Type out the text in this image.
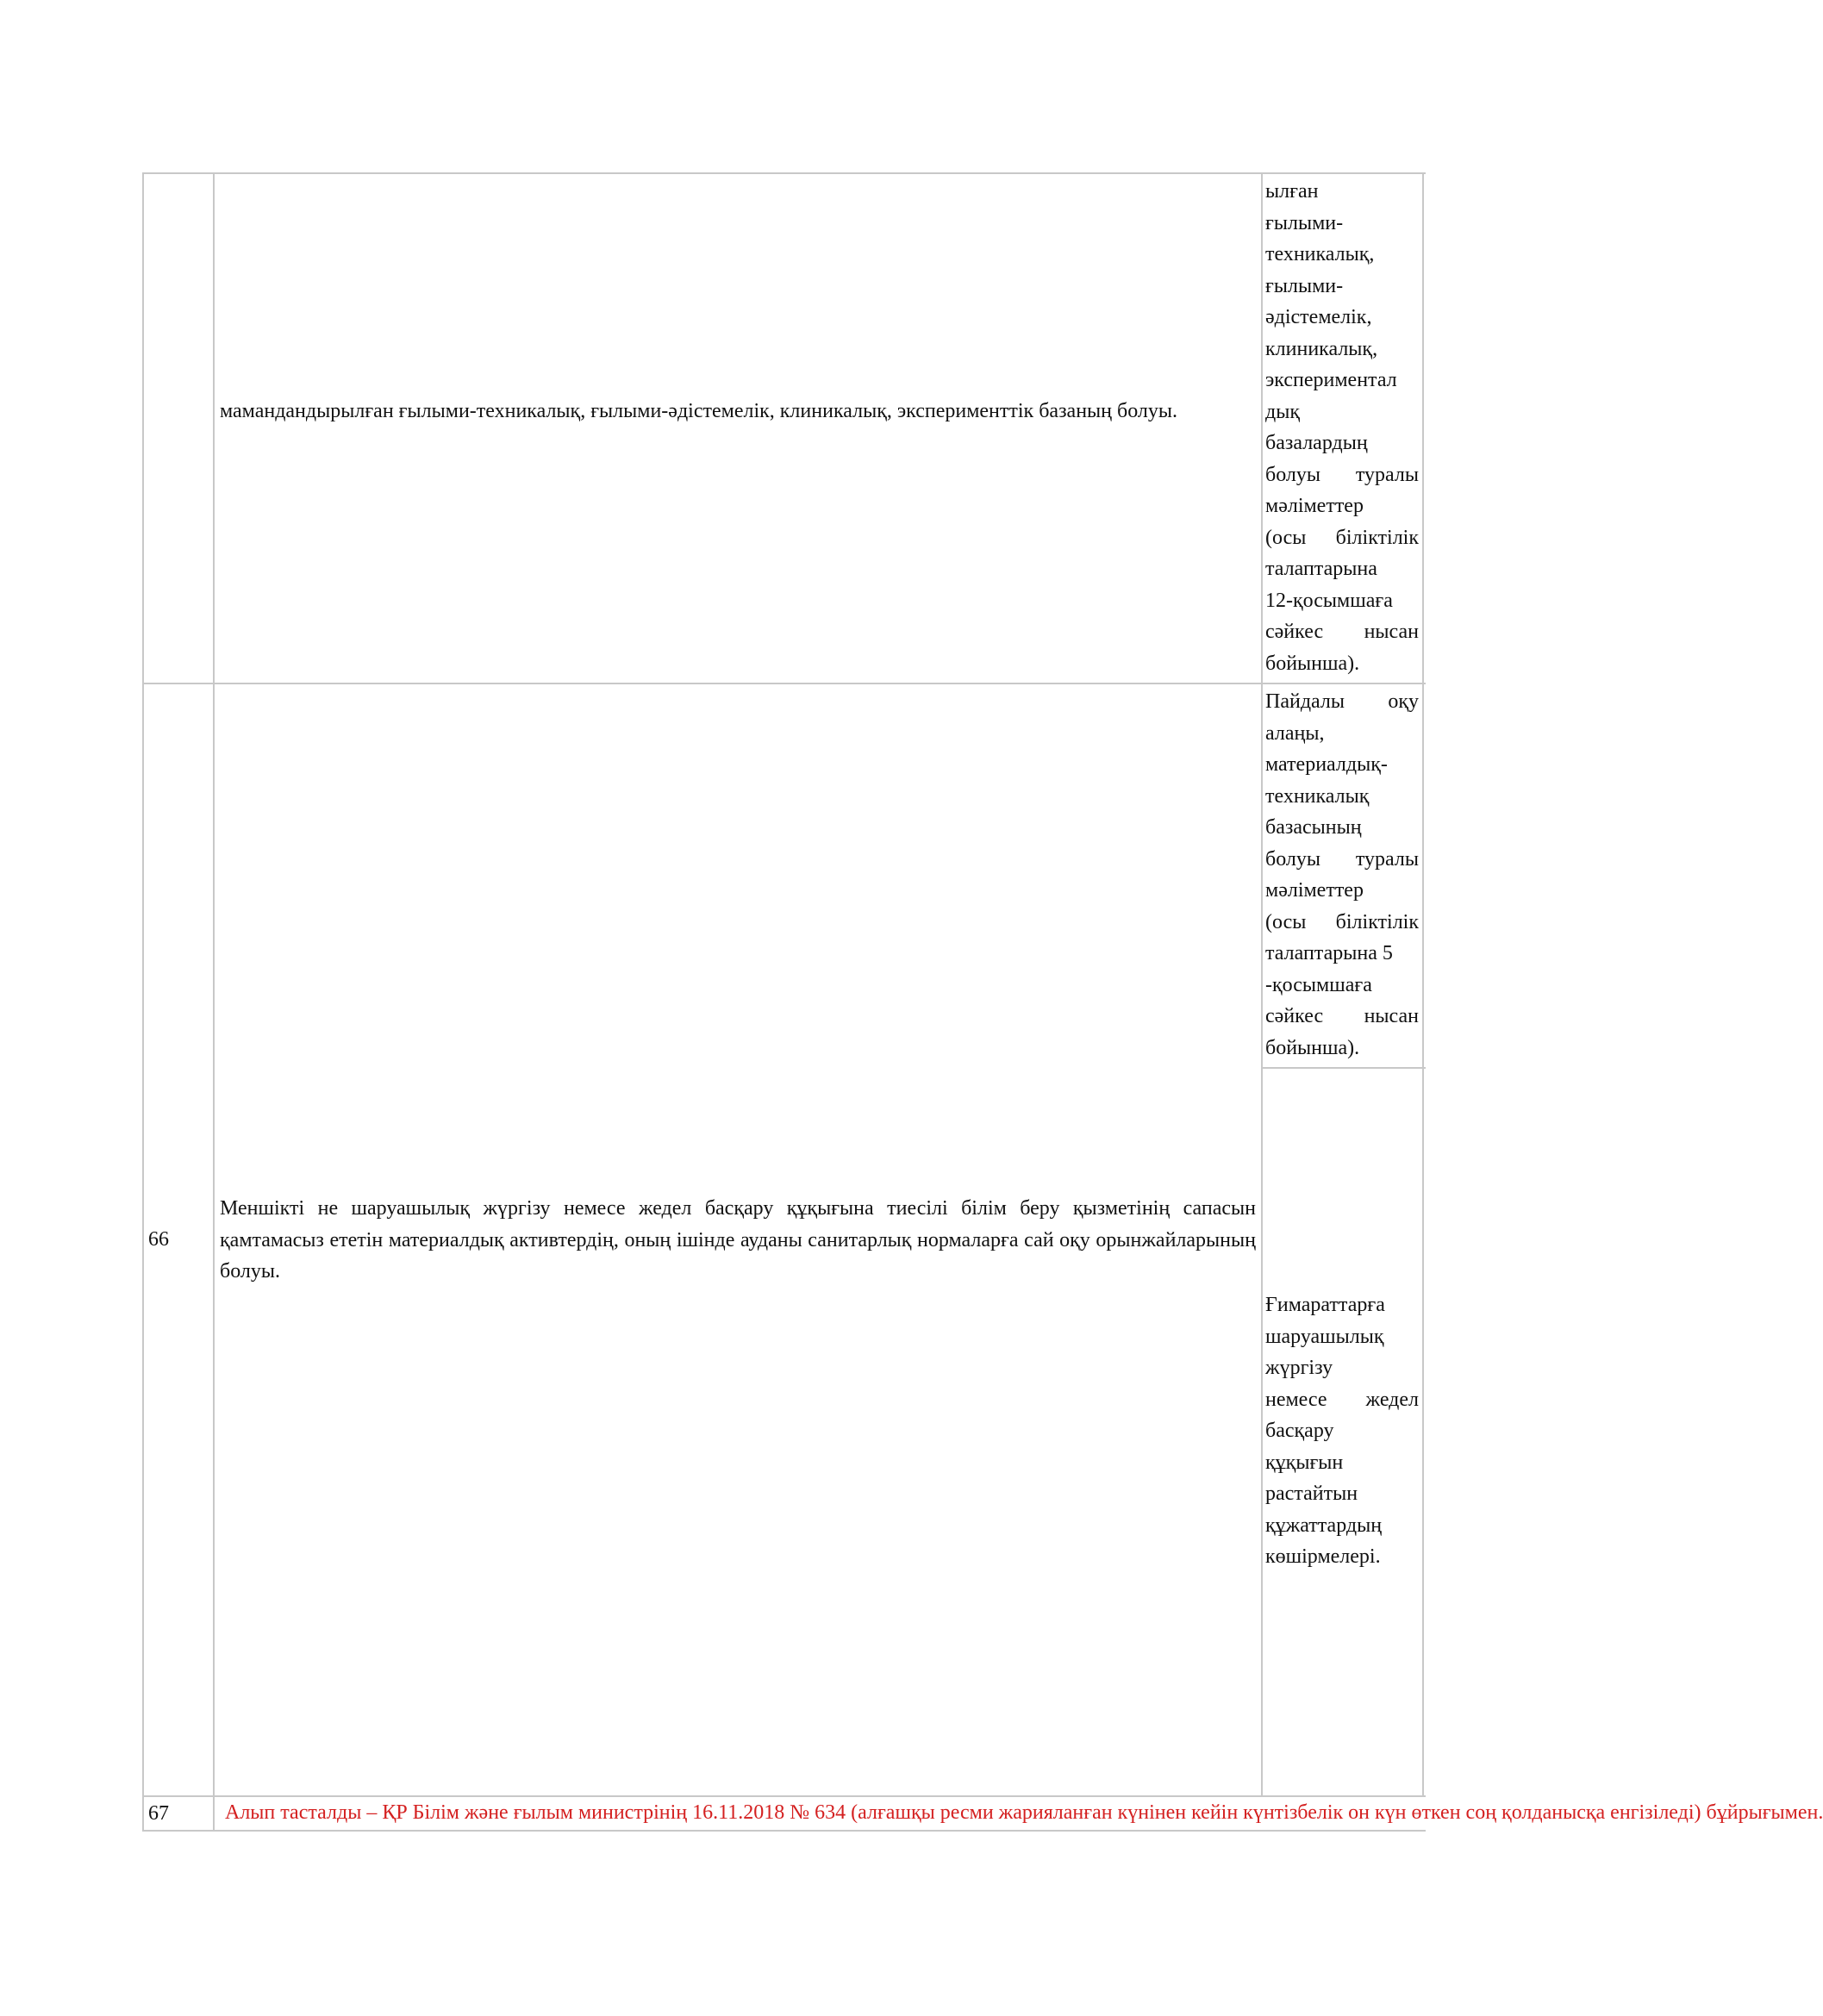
мамандандырылған ғылыми-техникалық, ғылыми-әдістемелік, клиникалық, эксперименттік базаның болуы.
ылған
ғылыми-
техникалық,
ғылыми-
әдістемелік,
клиникалық,
экспериментал
дық
базалардың
болуы туралы
мәліметтер
(осы біліктілік
талаптарына
12-қосымшаға
сәйкес нысан
бойынша).
66
Меншікті не шаруашылық жүргізу немесе жедел басқару құқығына тиесілі білім беру қызметінің сапасын қамтамасыз ететін материалдық активтердің, оның ішінде ауданы санитарлық нормаларға сай оқу орынжайларының болуы.
Пайдалы оқу
алаңы,
материалдық-
техникалық
базасының
болуы туралы
мәліметтер
(осы біліктілік
талаптарына 5
-қосымшаға
сәйкес нысан
бойынша).
Ғимараттарға
шаруашылық
жүргізу
немесе жедел
басқару
құқығын
растайтын
құжаттардың
көшірмелері.
67	Алып тасталды – ҚР Білім және ғылым министрінің 16.11.2018 № 634 (алғашқы ресми жарияланған күнінен кейін күнтізбелік он күн өткен соң қолданысқа енгізіледі) бұйрығымен.
